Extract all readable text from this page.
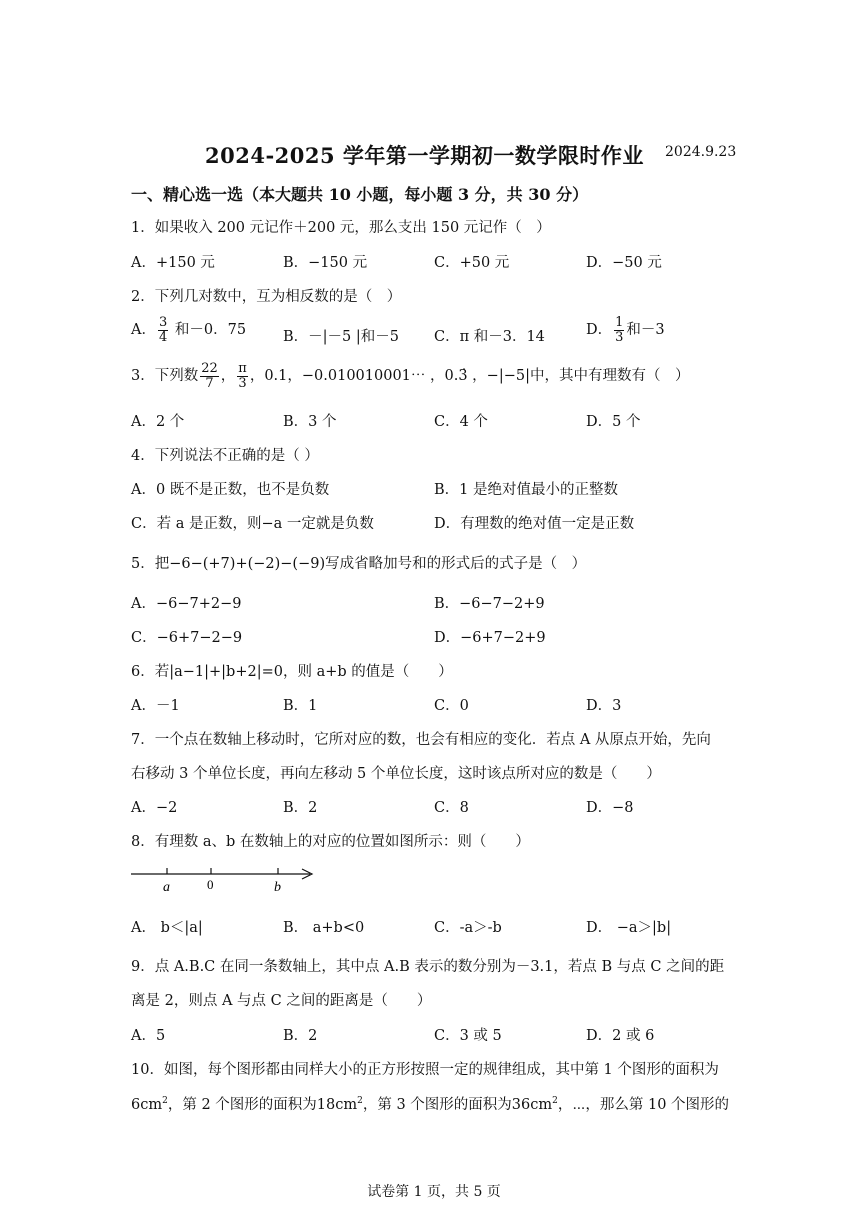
2024-2025 学年第一学期初一数学限时作业 2024.9.23
一、精心选一选（本大题共 10 小题，每小题 3 分，共 30 分）
1．如果收入 200 元记作＋200 元，那么支出 150 元记作（　）
A．+150 元	B．−150 元	C．+50 元	D．−50 元
2．下列几对数中，互为相反数的是（　）
A． $\frac{3}{4}$ 和－0．75	B．－|－5 |和－5 C．π 和－3．14	D． $\frac{1}{3}$ 和－3
3．下列数 $\frac{22}{7}$ ， $\frac{\pi}{3}$ ，0.1，−0.010010001⋯ ，0.3̇ ，−|−5|中，其中有理数有（　）
A．2 个	B．3 个	C．4 个	D．5 个
4．下列说法不正确的是（ ）
A．0 既不是正数，也不是负数	B．1 是绝对值最小的正整数
C．若 a 是正数，则−a 一定就是负数	D．有理数的绝对值一定是正数
5．把−6−(+7)+(−2)−(−9)写成省略加号和的形式后的式子是（　）
A．−6−7+2−9	B．−6−7−2+9
C．−6+7−2−9	D．−6+7−2+9
6．若|a−1|+|b+2|=0，则 a+b 的值是（　　）
A．－1	B．1	C．0	D．3
7．一个点在数轴上移动时，它所对应的数，也会有相应的变化．若点 A 从原点开始，先向
右移动 3 个单位长度，再向左移动 5 个单位长度，这时该点所对应的数是（　　）
A．−2	B．2	C．8	D．−8
8．有理数 a、b 在数轴上的对应的位置如图所示：则（　　）
a	0	b
A． b＜|a|	B． a+b<0	C．-a＞-b	D． −a＞|b|
9．点 A.B.C 在同一条数轴上，其中点 A.B 表示的数分别为－3.1，若点 B 与点 C 之间的距
离是 2，则点 A 与点 C 之间的距离是（　　）
A．5	B．2	C．3 或 5	D．2 或 6
10．如图，每个图形都由同样大小的正方形按照一定的规律组成，其中第 1 个图形的面积为
$6cm^2$，第 2 个图形的面积为$18cm^2$，第 3 个图形的面积为$36cm^2$，⋯，那么第 10 个图形的
试卷第 1 页，共 5 页
